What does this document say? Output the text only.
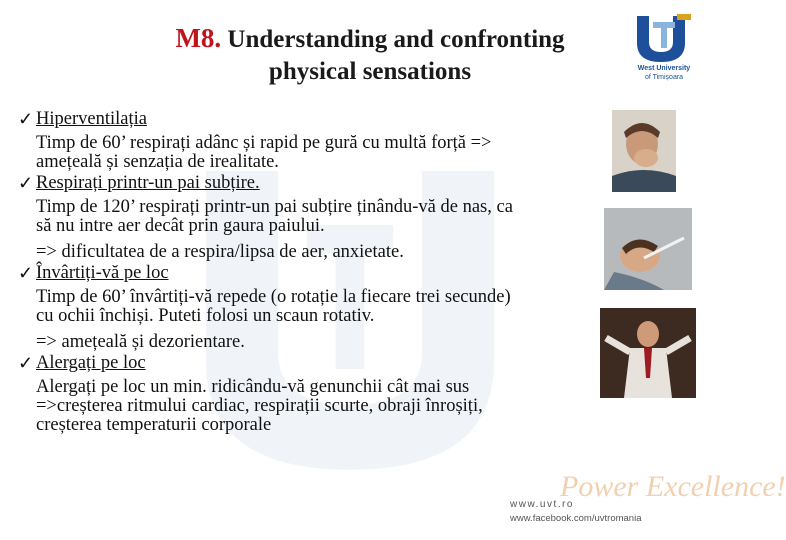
M8. Understanding and confronting
physical sensations	West University
of Timișoara
✓ Hiperventilația
Timp de 60’ respirați adânc și rapid pe gură cu multă forță =>
amețeală și senzația de irealitate.
✓ Respirați printr-un pai subțire.
Timp de 120’ respirați printr-un pai subțire ținându-vă de nas, ca
să nu intre aer decât prin gaura paiului.
=> dificultatea de a respira/lipsa de aer, anxietate.
✓ Învârtiți-vă pe loc
Timp de 60’ învârtiți-vă repede (o rotație la fiecare trei secunde)
cu ochii închiși. Puteti folosi un scaun rotativ.
=> amețeală și dezorientare.
✓ Alergați pe loc
Alergați pe loc un min. ridicându-vă genunchii cât mai sus
=>creșterea ritmului cardiac, respirații scurte, obraji înroșiți,
creșterea temperaturii corporale
Power Excellence!
www.uvt.ro
www.facebook.com/uvtromania
